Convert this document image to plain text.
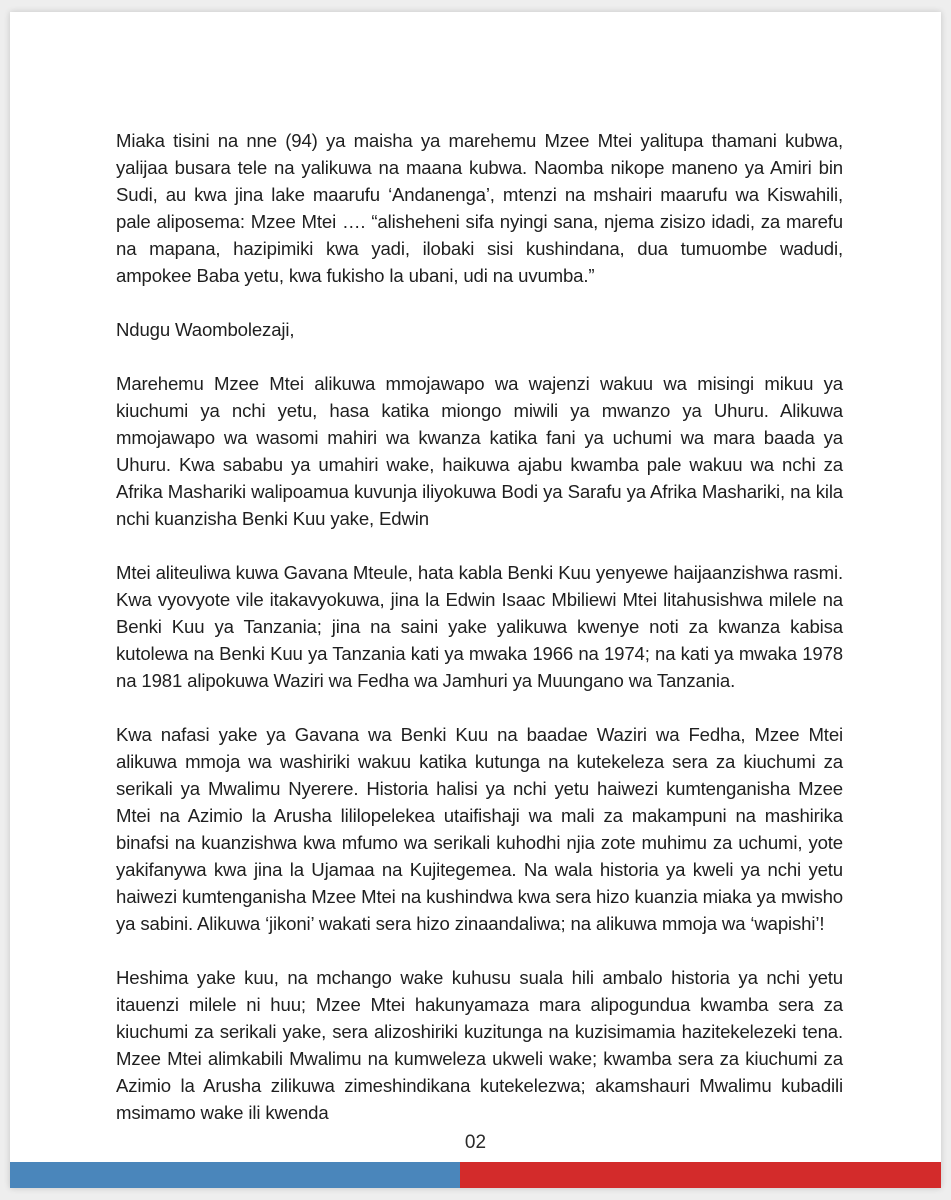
Miaka tisini na nne (94) ya maisha ya marehemu Mzee Mtei yalitupa thamani kubwa, yalijaa busara tele na yalikuwa na maana kubwa. Naomba nikope maneno ya Amiri bin Sudi, au kwa jina lake maarufu ‘Andanenga’, mtenzi na mshairi maarufu wa Kiswahili, pale aliposema: Mzee Mtei …. “alisheheni sifa nyingi sana, njema zisizo idadi, za marefu na mapana, hazipimiki kwa yadi, ilobaki sisi kushindana, dua tumuombe wadudi, ampokee Baba yetu, kwa fukisho la ubani, udi na uvumba.”

Ndugu Waombolezaji,

Marehemu Mzee Mtei alikuwa mmojawapo wa wajenzi wakuu wa misingi mikuu ya kiuchumi ya nchi yetu, hasa katika miongo miwili ya mwanzo ya Uhuru. Alikuwa mmojawapo wa wasomi mahiri wa kwanza katika fani ya uchumi wa mara baada ya Uhuru. Kwa sababu ya umahiri wake, haikuwa ajabu kwamba pale wakuu wa nchi za Afrika Mashariki walipoamua kuvunja iliyokuwa Bodi ya Sarafu ya Afrika Mashariki, na kila nchi kuanzisha Benki Kuu yake, Edwin

Mtei aliteuliwa kuwa Gavana Mteule, hata kabla Benki Kuu yenyewe haijaanzishwa rasmi. Kwa vyovyote vile itakavyokuwa, jina la Edwin Isaac Mbiliewi Mtei litahusishwa milele na Benki Kuu ya Tanzania; jina na saini yake yalikuwa kwenye noti za kwanza kabisa kutolewa na Benki Kuu ya Tanzania kati ya mwaka 1966 na 1974; na kati ya mwaka 1978 na 1981 alipokuwa Waziri wa Fedha wa Jamhuri ya Muungano wa Tanzania.

Kwa nafasi yake ya Gavana wa Benki Kuu na baadae Waziri wa Fedha, Mzee Mtei alikuwa mmoja wa washiriki wakuu katika kutunga na kutekeleza sera za kiuchumi za serikali ya Mwalimu Nyerere. Historia halisi ya nchi yetu haiwezi kumtenganisha Mzee Mtei na Azimio la Arusha lililopelekea utaifishaji wa mali za makampuni na mashirika binafsi na kuanzishwa kwa mfumo wa serikali kuhodhi njia zote muhimu za uchumi, yote yakifanywa kwa jina la Ujamaa na Kujitegemea. Na wala historia ya kweli ya nchi yetu haiwezi kumtenganisha Mzee Mtei na kushindwa kwa sera hizo kuanzia miaka ya mwisho ya sabini. Alikuwa ‘jikoni’ wakati sera hizo zinaandaliwa; na alikuwa mmoja wa ‘wapishi’!

Heshima yake kuu, na mchango wake kuhusu suala hili ambalo historia ya nchi yetu itauenzi milele ni huu; Mzee Mtei hakunyamaza mara alipogundua kwamba sera za kiuchumi za serikali yake, sera alizoshiriki kuzitunga na kuzisimamia hazitekelezeki tena. Mzee Mtei alimkabili Mwalimu na kumweleza ukweli wake; kwamba sera za kiuchumi za Azimio la Arusha zilikuwa zimeshindikana kutekelezwa; akamshauri Mwalimu kubadili msimamo wake ili kwenda

02
